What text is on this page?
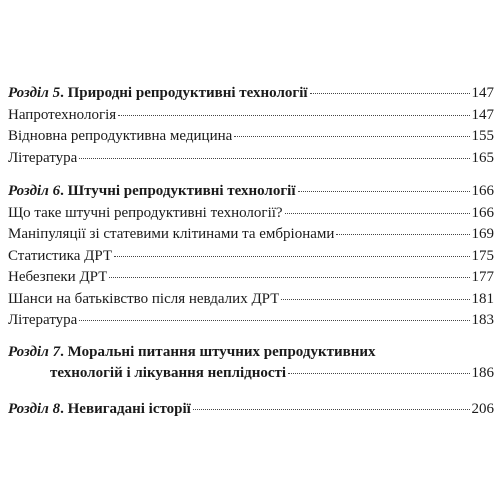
Розділ 5. Природні репродуктивні технології	147
Напротехнологія	147
Відновна репродуктивна медицина	155
Література	165
Розділ 6. Штучні репродуктивні технології	166
Що таке штучні репродуктивні технології?	166
Маніпуляції зі статевими клітинами та ембріонами	169
Статистика ДРТ	175
Небезпеки ДРТ	177
Шанси на батьківство після невдалих ДРТ	181
Література	183
Розділ 7. Моральні питання штучних репродуктивних
технологій і лікування неплідності	186
Розділ 8. Невигадані історії	206
